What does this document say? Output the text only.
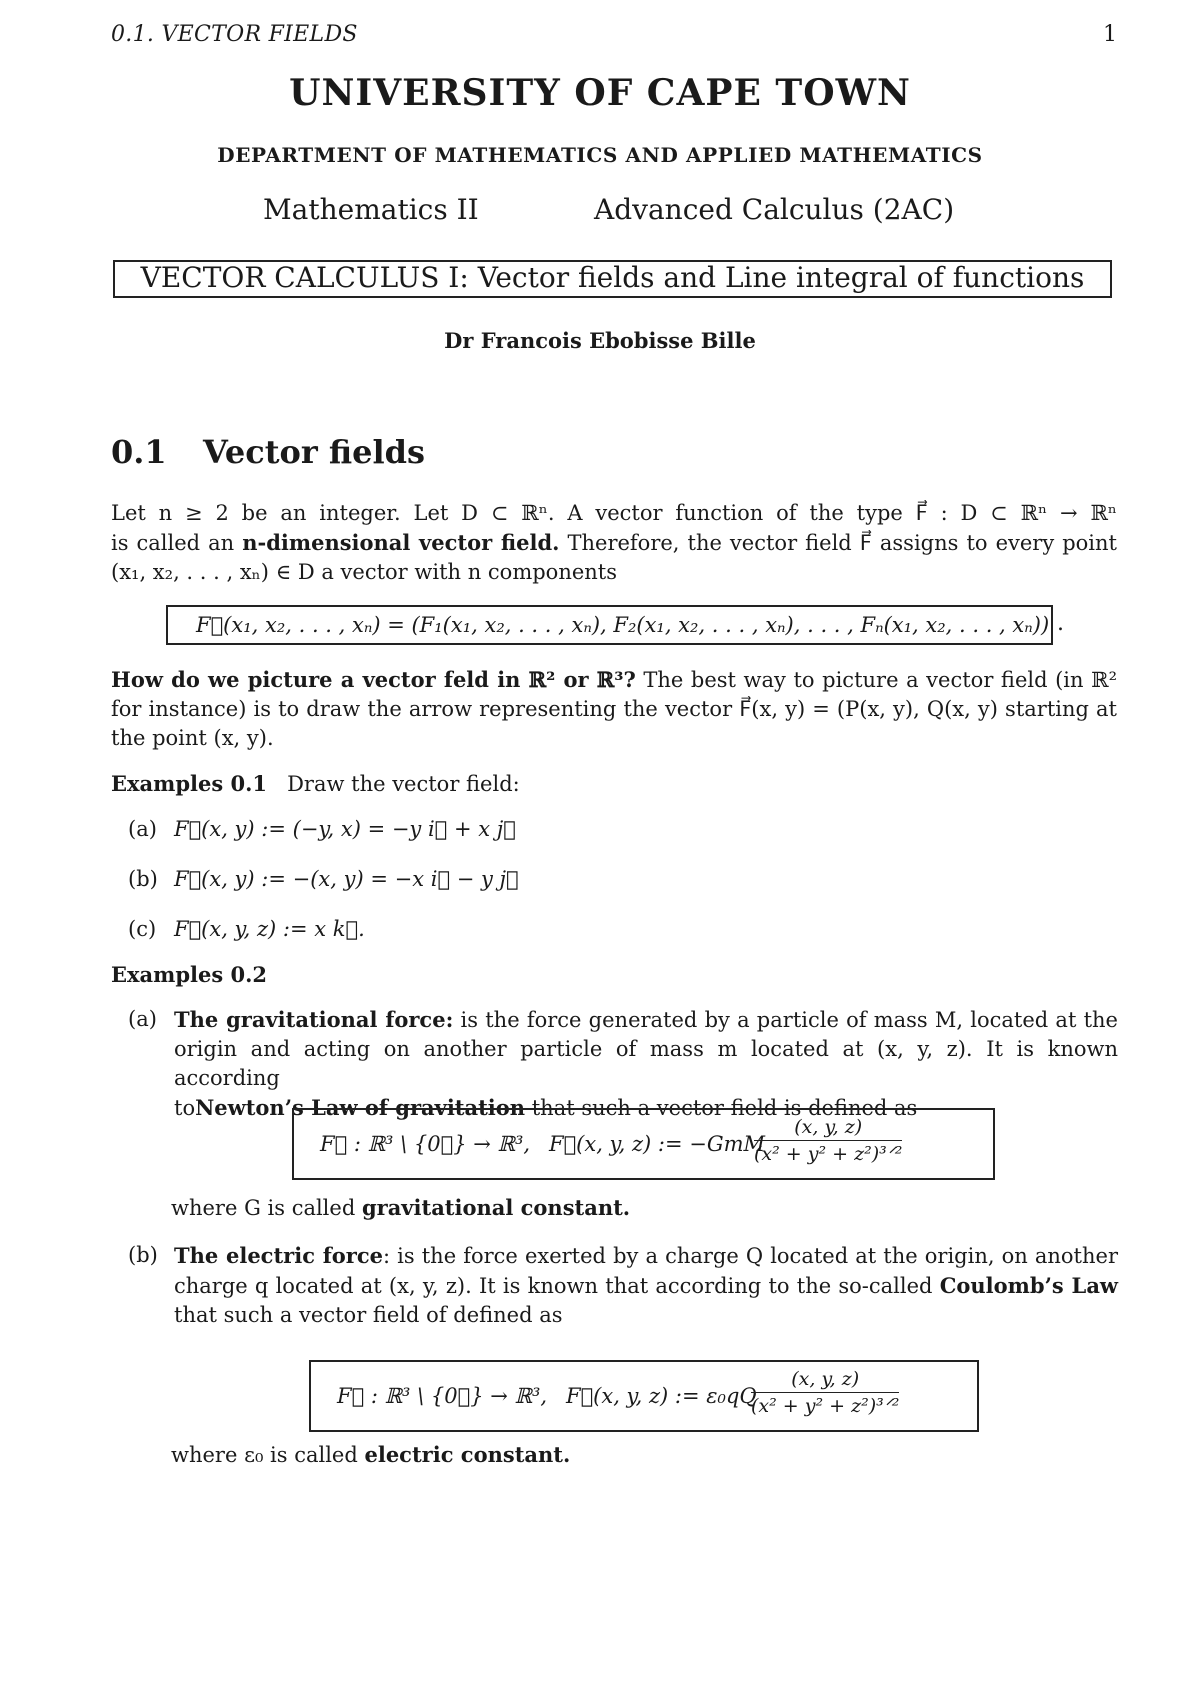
0.1. VECTOR FIELDS	1
UNIVERSITY OF CAPE TOWN
DEPARTMENT OF MATHEMATICS AND APPLIED MATHEMATICS
Mathematics II	Advanced Calculus (2AC)
VECTOR CALCULUS I: Vector fields and Line integral of functions
Dr Francois Ebobisse Bille
0.1 Vector fields
Let n ≥ 2 be an integer. Let D ⊂ ℝⁿ. A vector function of the type F⃗ : D ⊂ ℝⁿ → ℝⁿ
is called an n-dimensional vector field. Therefore, the vector field F⃗ assigns to every point
(x₁, x₂, . . . , xₙ) ∈ D a vector with n components
F⃗(x₁, x₂, . . . , xₙ) = (F₁(x₁, x₂, . . . , xₙ), F₂(x₁, x₂, . . . , xₙ), . . . , Fₙ(x₁, x₂, . . . , xₙ)) .
How do we picture a vector feld in ℝ² or ℝ³? The best way to picture a vector field (in ℝ²
for instance) is to draw the arrow representing the vector F⃗(x, y) = (P(x, y), Q(x, y) starting at
the point (x, y).
Examples 0.1 Draw the vector field:
(a) F⃗(x, y) := (−y, x) = −y i⃗ + x j⃗
(b) F⃗(x, y) := −(x, y) = −x i⃗ − y j⃗
(c) F⃗(x, y, z) := x k⃗.
Examples 0.2
(a) The gravitational force: is the force generated by a particle of mass M, located at the
origin and acting on another particle of mass m located at (x, y, z). It is known according
toNewton’s Law of gravitation that such a vector field is defined as
F⃗ : ℝ³ \ {0⃗} → ℝ³, F⃗(x, y, z) := −GmM
(x, y, z)
(x² + y² + z²)³ᐟ²
where G is called gravitational constant.
(b) The electric force: is the force exerted by a charge Q located at the origin, on another
charge q located at (x, y, z). It is known that according to the so-called Coulomb’s Law
that such a vector field of defined as
F⃗ : ℝ³ \ {0⃗} → ℝ³, F⃗(x, y, z) := ε₀qQ
(x, y, z)
(x² + y² + z²)³ᐟ²
where ε₀ is called electric constant.
